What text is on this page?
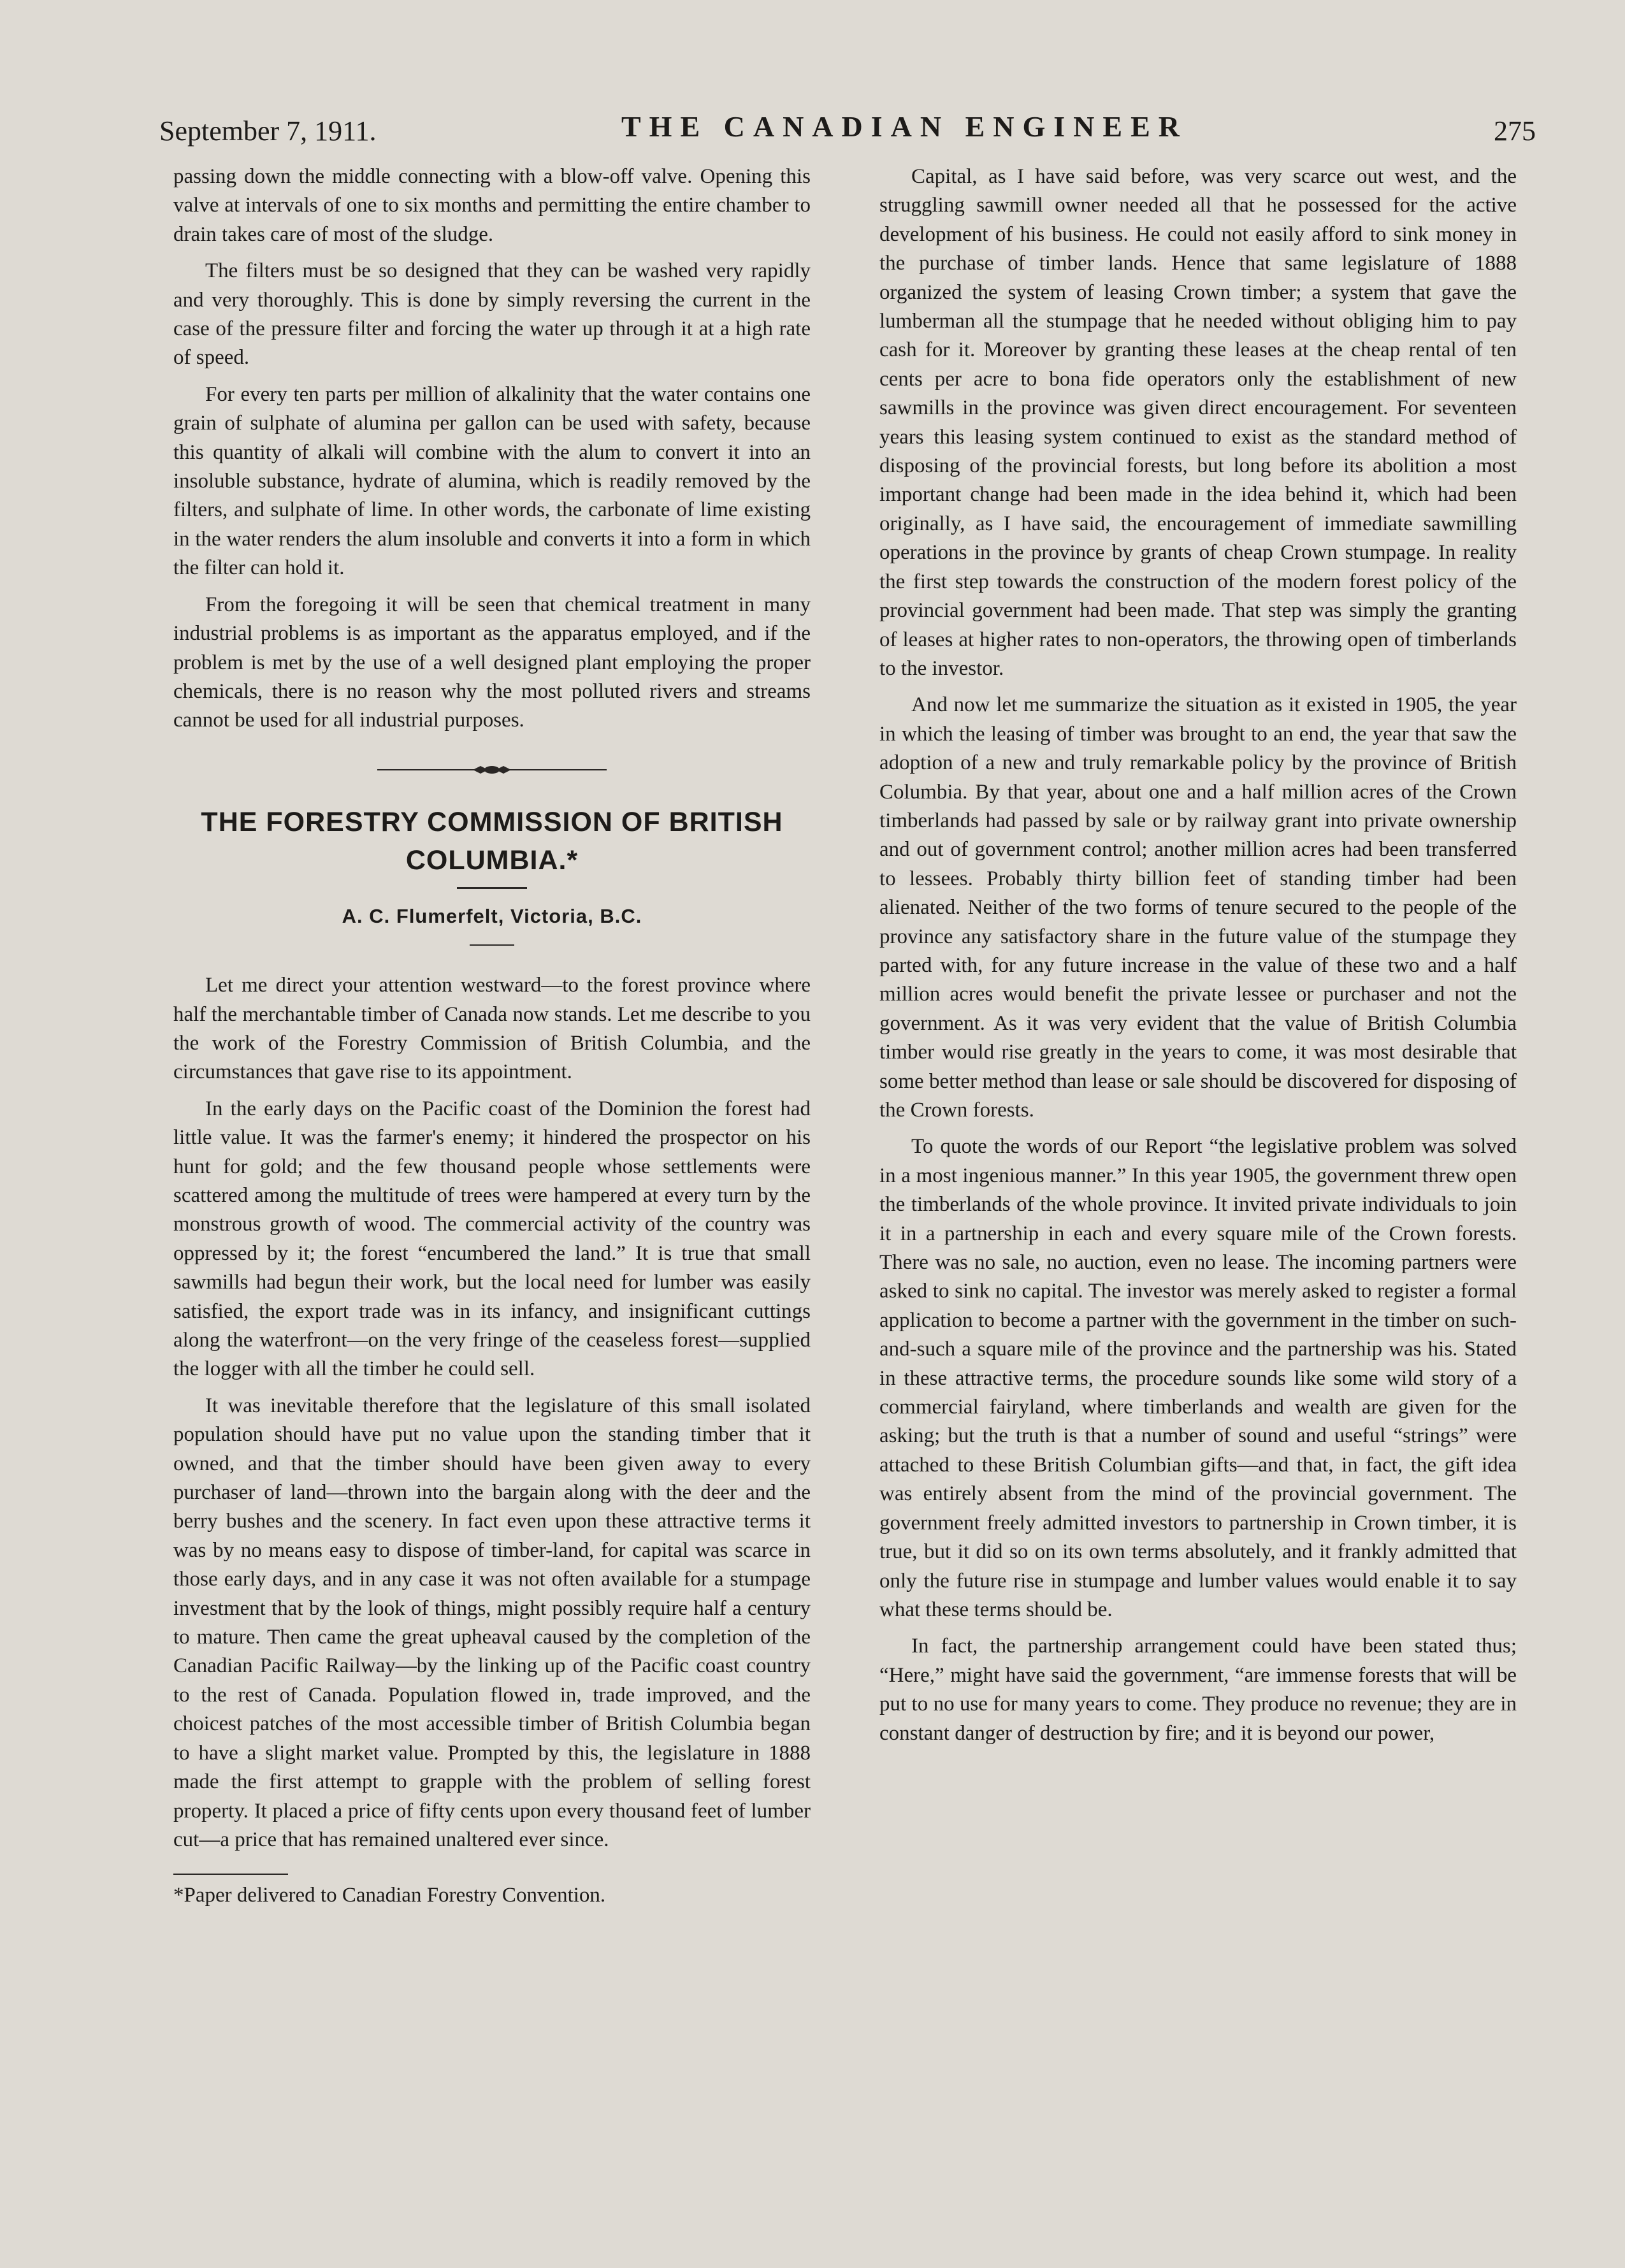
September 7, 1911.	THE CANADIAN ENGINEER	275

passing down the middle connecting with a blow-off valve. Opening this valve at intervals of one to six months and permitting the entire chamber to drain takes care of most of the sludge.

The filters must be so designed that they can be washed very rapidly and very thoroughly. This is done by simply reversing the current in the case of the pressure filter and forcing the water up through it at a high rate of speed.

For every ten parts per million of alkalinity that the water contains one grain of sulphate of alumina per gallon can be used with safety, because this quantity of alkali will combine with the alum to convert it into an insoluble substance, hydrate of alumina, which is readily removed by the filters, and sulphate of lime. In other words, the carbonate of lime existing in the water renders the alum insoluble and converts it into a form in which the filter can hold it.

From the foregoing it will be seen that chemical treatment in many industrial problems is as important as the apparatus employed, and if the problem is met by the use of a well designed plant employing the proper chemicals, there is no reason why the most polluted rivers and streams cannot be used for all industrial purposes.

THE FORESTRY COMMISSION OF BRITISH COLUMBIA.*

A. C. Flumerfelt, Victoria, B.C.

Let me direct your attention westward—to the forest province where half the merchantable timber of Canada now stands. Let me describe to you the work of the Forestry Commission of British Columbia, and the circumstances that gave rise to its appointment.

In the early days on the Pacific coast of the Dominion the forest had little value. It was the farmer's enemy; it hindered the prospector on his hunt for gold; and the few thousand people whose settlements were scattered among the multitude of trees were hampered at every turn by the monstrous growth of wood. The commercial activity of the country was oppressed by it; the forest “encumbered the land.” It is true that small sawmills had begun their work, but the local need for lumber was easily satisfied, the export trade was in its infancy, and insignificant cuttings along the waterfront—on the very fringe of the ceaseless forest—supplied the logger with all the timber he could sell.

It was inevitable therefore that the legislature of this small isolated population should have put no value upon the standing timber that it owned, and that the timber should have been given away to every purchaser of land—thrown into the bargain along with the deer and the berry bushes and the scenery. In fact even upon these attractive terms it was by no means easy to dispose of timber-land, for capital was scarce in those early days, and in any case it was not often available for a stumpage investment that by the look of things, might possibly require half a century to mature. Then came the great upheaval caused by the completion of the Canadian Pacific Railway—by the linking up of the Pacific coast country to the rest of Canada. Population flowed in, trade improved, and the choicest patches of the most accessible timber of British Columbia began to have a slight market value. Prompted by this, the legislature in 1888 made the first attempt to grapple with the problem of selling forest property. It placed a price of fifty cents upon every thousand feet of lumber cut—a price that has remained unaltered ever since.

*Paper delivered to Canadian Forestry Convention.

Capital, as I have said before, was very scarce out west, and the struggling sawmill owner needed all that he possessed for the active development of his business. He could not easily afford to sink money in the purchase of timber lands. Hence that same legislature of 1888 organized the system of leasing Crown timber; a system that gave the lumberman all the stumpage that he needed without obliging him to pay cash for it. Moreover by granting these leases at the cheap rental of ten cents per acre to bona fide operators only the establishment of new sawmills in the province was given direct encouragement. For seventeen years this leasing system continued to exist as the standard method of disposing of the provincial forests, but long before its abolition a most important change had been made in the idea behind it, which had been originally, as I have said, the encouragement of immediate sawmilling operations in the province by grants of cheap Crown stumpage. In reality the first step towards the construction of the modern forest policy of the provincial government had been made. That step was simply the granting of leases at higher rates to non-operators, the throwing open of timberlands to the investor.

And now let me summarize the situation as it existed in 1905, the year in which the leasing of timber was brought to an end, the year that saw the adoption of a new and truly remarkable policy by the province of British Columbia. By that year, about one and a half million acres of the Crown timberlands had passed by sale or by railway grant into private ownership and out of government control; another million acres had been transferred to lessees. Probably thirty billion feet of standing timber had been alienated. Neither of the two forms of tenure secured to the people of the province any satisfactory share in the future value of the stumpage they parted with, for any future increase in the value of these two and a half million acres would benefit the private lessee or purchaser and not the government. As it was very evident that the value of British Columbia timber would rise greatly in the years to come, it was most desirable that some better method than lease or sale should be discovered for disposing of the Crown forests.

To quote the words of our Report “the legislative problem was solved in a most ingenious manner.” In this year 1905, the government threw open the timberlands of the whole province. It invited private individuals to join it in a partnership in each and every square mile of the Crown forests. There was no sale, no auction, even no lease. The incoming partners were asked to sink no capital. The investor was merely asked to register a formal application to become a partner with the government in the timber on such-and-such a square mile of the province and the partnership was his. Stated in these attractive terms, the procedure sounds like some wild story of a commercial fairyland, where timberlands and wealth are given for the asking; but the truth is that a number of sound and useful “strings” were attached to these British Columbian gifts—and that, in fact, the gift idea was entirely absent from the mind of the provincial government. The government freely admitted investors to partnership in Crown timber, it is true, but it did so on its own terms absolutely, and it frankly admitted that only the future rise in stumpage and lumber values would enable it to say what these terms should be.

In fact, the partnership arrangement could have been stated thus; “Here,” might have said the government, “are immense forests that will be put to no use for many years to come. They produce no revenue; they are in constant danger of destruction by fire; and it is beyond our power,
